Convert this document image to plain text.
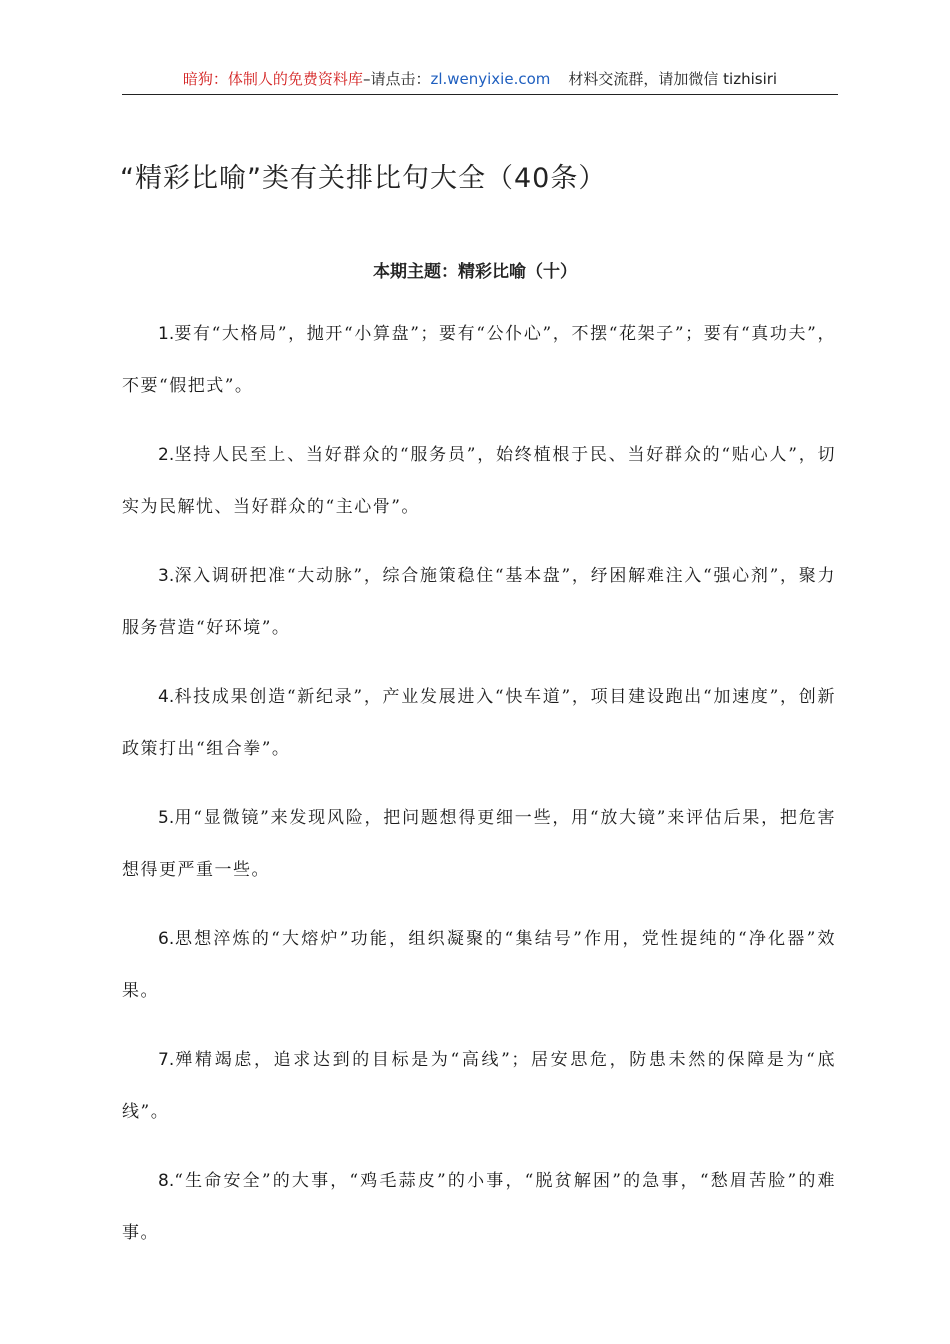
暗狗：体制人的免费资料库–请点击：zl.wenyixie.com 材料交流群，请加微信 tizhisiri
“精彩比喻”类有关排比句大全（40条）
本期主题：精彩比喻（十）

1.要有“大格局”，抛开“小算盘”；要有“公仆心”，不摆“花架子”；要有“真功夫”，不要“假把式”。

2.坚持人民至上、当好群众的“服务员”，始终植根于民、当好群众的“贴心人”，切实为民解忧、当好群众的“主心骨”。

3.深入调研把准“大动脉”，综合施策稳住“基本盘”，纾困解难注入“强心剂”，聚力服务营造“好环境”。

4.科技成果创造“新纪录”，产业发展进入“快车道”，项目建设跑出“加速度”，创新政策打出“组合拳”。

5.用“显微镜”来发现风险，把问题想得更细一些，用“放大镜”来评估后果，把危害想得更严重一些。

6.思想淬炼的“大熔炉”功能，组织凝聚的“集结号”作用，党性提纯的“净化器”效果。

7.殚精竭虑，追求达到的目标是为“高线”；居安思危，防患未然的保障是为“底线”。

8.“生命安全”的大事，“鸡毛蒜皮”的小事，“脱贫解困”的急事，“愁眉苦脸”的难事。
